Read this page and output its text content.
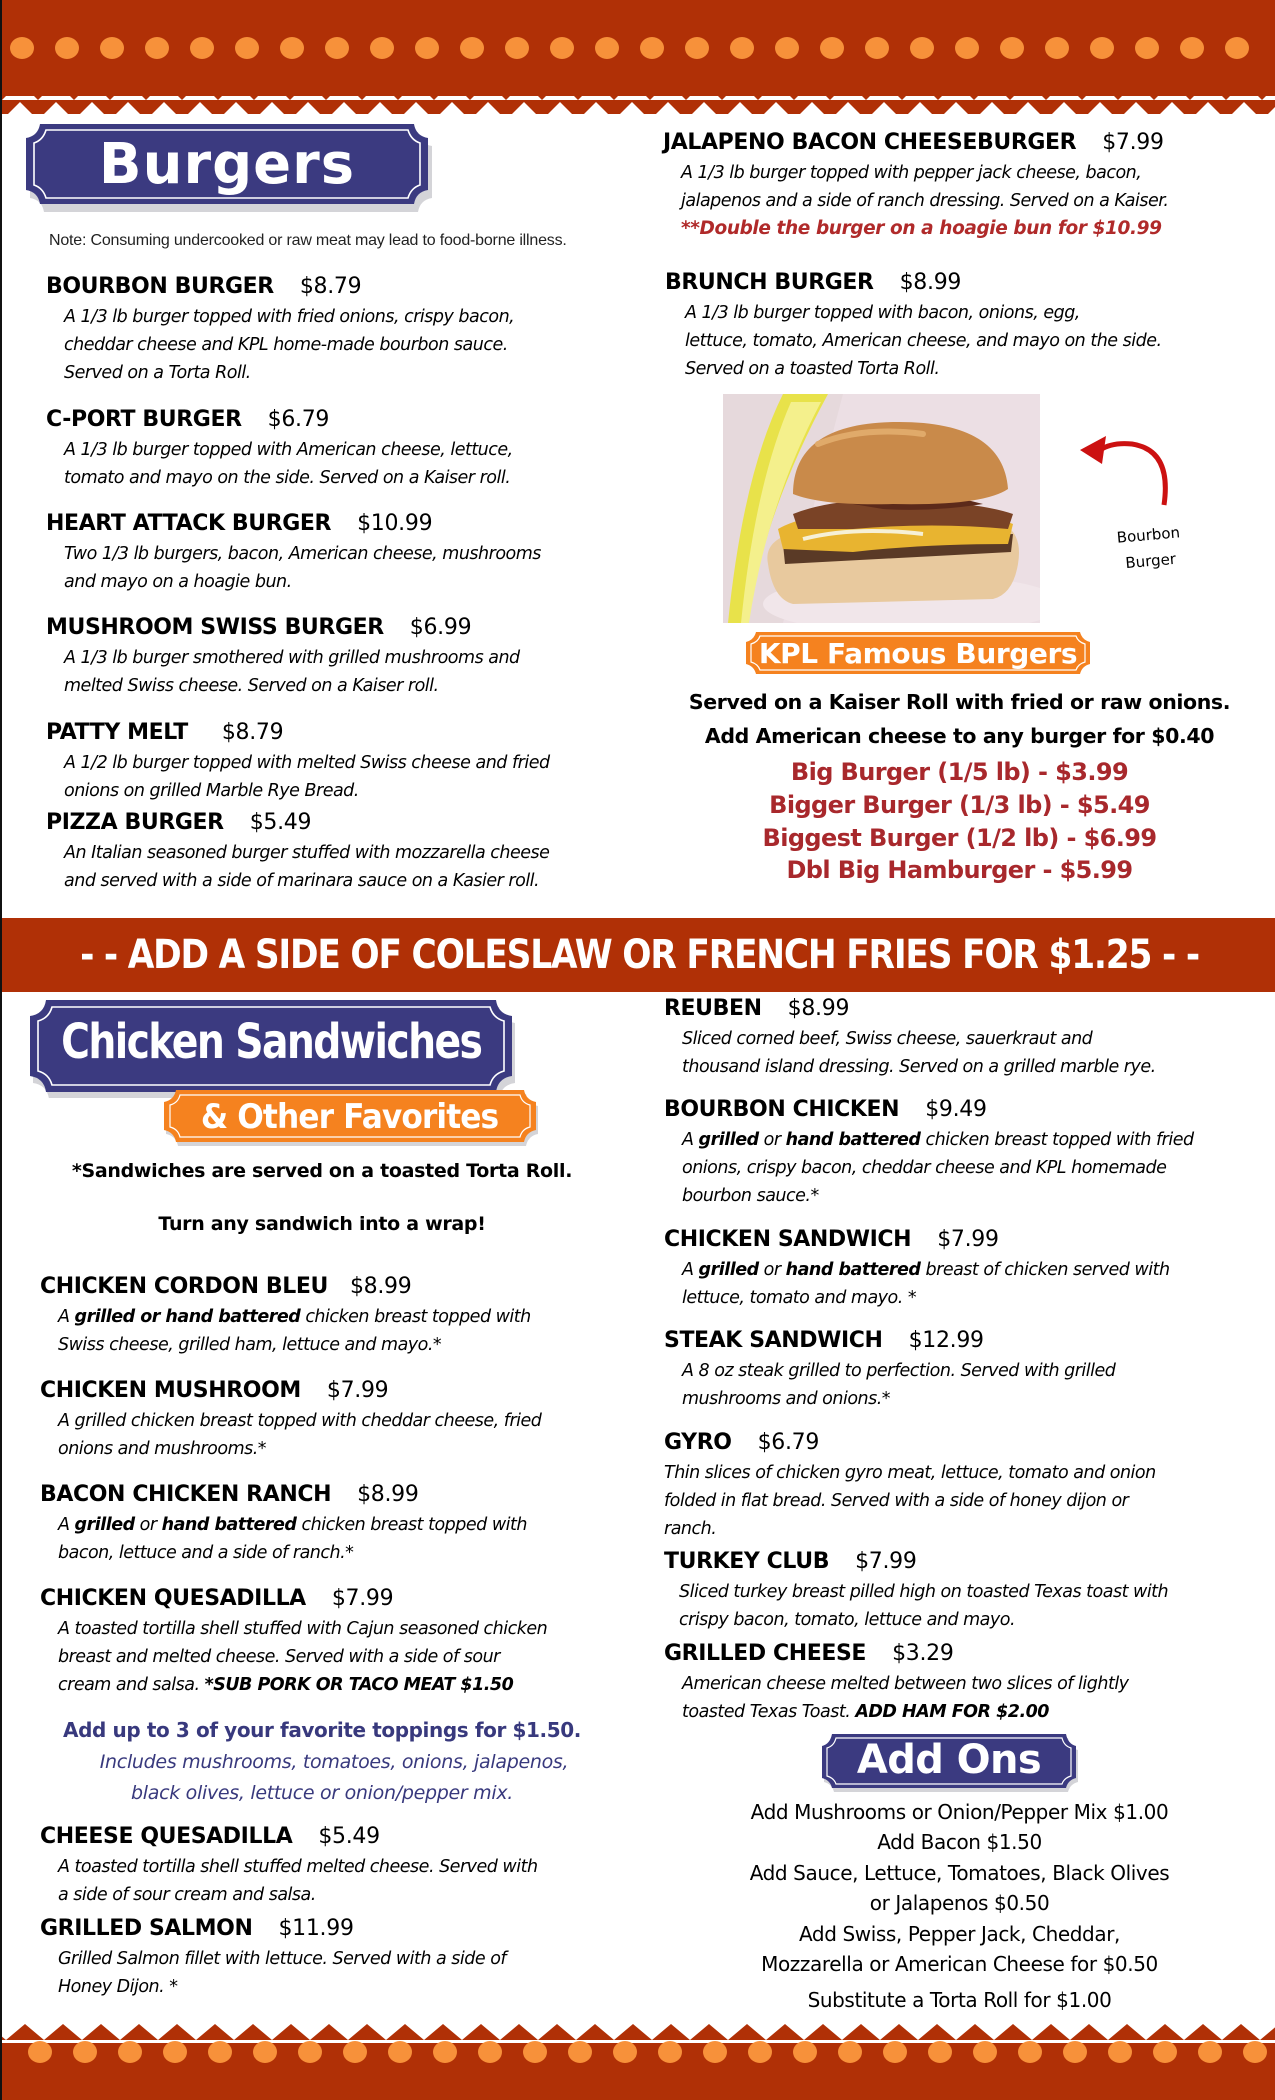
Burgers
Note: Consuming undercooked or raw meat may lead to food-borne illness.
BOURBON BURGER $8.79
A 1/3 lb burger topped with fried onions, crispy bacon,
cheddar cheese and KPL home-made bourbon sauce.
Served on a Torta Roll.
C-PORT BURGER $6.79
A 1/3 lb burger topped with American cheese, lettuce,
tomato and mayo on the side. Served on a Kaiser roll.
HEART ATTACK BURGER $10.99
Two 1/3 lb burgers, bacon, American cheese, mushrooms
and mayo on a hoagie bun.
MUSHROOM SWISS BURGER $6.99
A 1/3 lb burger smothered with grilled mushrooms and
melted Swiss cheese. Served on a Kaiser roll.
PATTY MELT $8.79
A 1/2 lb burger topped with melted Swiss cheese and fried
onions on grilled Marble Rye Bread.
PIZZA BURGER $5.49
An Italian seasoned burger stuffed with mozzarella cheese
and served with a side of marinara sauce on a Kasier roll.
JALAPENO BACON CHEESEBURGER $7.99
A 1/3 lb burger topped with pepper jack cheese, bacon,
jalapenos and a side of ranch dressing. Served on a Kaiser.
**Double the burger on a hoagie bun for $10.99
BRUNCH BURGER $8.99
A 1/3 lb burger topped with bacon, onions, egg,
lettuce, tomato, American cheese, and mayo on the side.
Served on a toasted Torta Roll.
Bourbon
Burger
KPL Famous Burgers
Served on a Kaiser Roll with fried or raw onions.
Add American cheese to any burger for $0.40
Big Burger (1/5 lb) - $3.99
Bigger Burger (1/3 lb) - $5.49
Biggest Burger (1/2 lb) - $6.99
Dbl Big Hamburger - $5.99
- - ADD A SIDE OF COLESLAW OR FRENCH FRIES FOR $1.25 - -
Chicken Sandwiches
& Other Favorites
*Sandwiches are served on a toasted Torta Roll.
Turn any sandwich into a wrap!
CHICKEN CORDON BLEU $8.99
A grilled or hand battered chicken breast topped with
Swiss cheese, grilled ham, lettuce and mayo.*
CHICKEN MUSHROOM $7.99
A grilled chicken breast topped with cheddar cheese, fried
onions and mushrooms.*
BACON CHICKEN RANCH $8.99
A grilled or hand battered chicken breast topped with
bacon, lettuce and a side of ranch.*
CHICKEN QUESADILLA $7.99
A toasted tortilla shell stuffed with Cajun seasoned chicken
breast and melted cheese. Served with a side of sour
cream and salsa. *SUB PORK OR TACO MEAT $1.50
Add up to 3 of your favorite toppings for $1.50.
Includes mushrooms, tomatoes, onions, jalapenos,
black olives, lettuce or onion/pepper mix.
CHEESE QUESADILLA $5.49
A toasted tortilla shell stuffed melted cheese. Served with
a side of sour cream and salsa.
GRILLED SALMON $11.99
Grilled Salmon fillet with lettuce. Served with a side of
Honey Dijon. *
REUBEN $8.99
Sliced corned beef, Swiss cheese, sauerkraut and
thousand island dressing. Served on a grilled marble rye.
BOURBON CHICKEN $9.49
A grilled or hand battered chicken breast topped with fried
onions, crispy bacon, cheddar cheese and KPL homemade
bourbon sauce.*
CHICKEN SANDWICH $7.99
A grilled or hand battered breast of chicken served with
lettuce, tomato and mayo. *
STEAK SANDWICH $12.99
A 8 oz steak grilled to perfection. Served with grilled
mushrooms and onions.*
GYRO $6.79
Thin slices of chicken gyro meat, lettuce, tomato and onion
folded in flat bread. Served with a side of honey dijon or
ranch.
TURKEY CLUB $7.99
Sliced turkey breast pilled high on toasted Texas toast with
crispy bacon, tomato, lettuce and mayo.
GRILLED CHEESE $3.29
American cheese melted between two slices of lightly
toasted Texas Toast. ADD HAM FOR $2.00
Add Ons
Add Mushrooms or Onion/Pepper Mix $1.00
Add Bacon $1.50
Add Sauce, Lettuce, Tomatoes, Black Olives
or Jalapenos $0.50
Add Swiss, Pepper Jack, Cheddar,
Mozzarella or American Cheese for $0.50
Substitute a Torta Roll for $1.00
